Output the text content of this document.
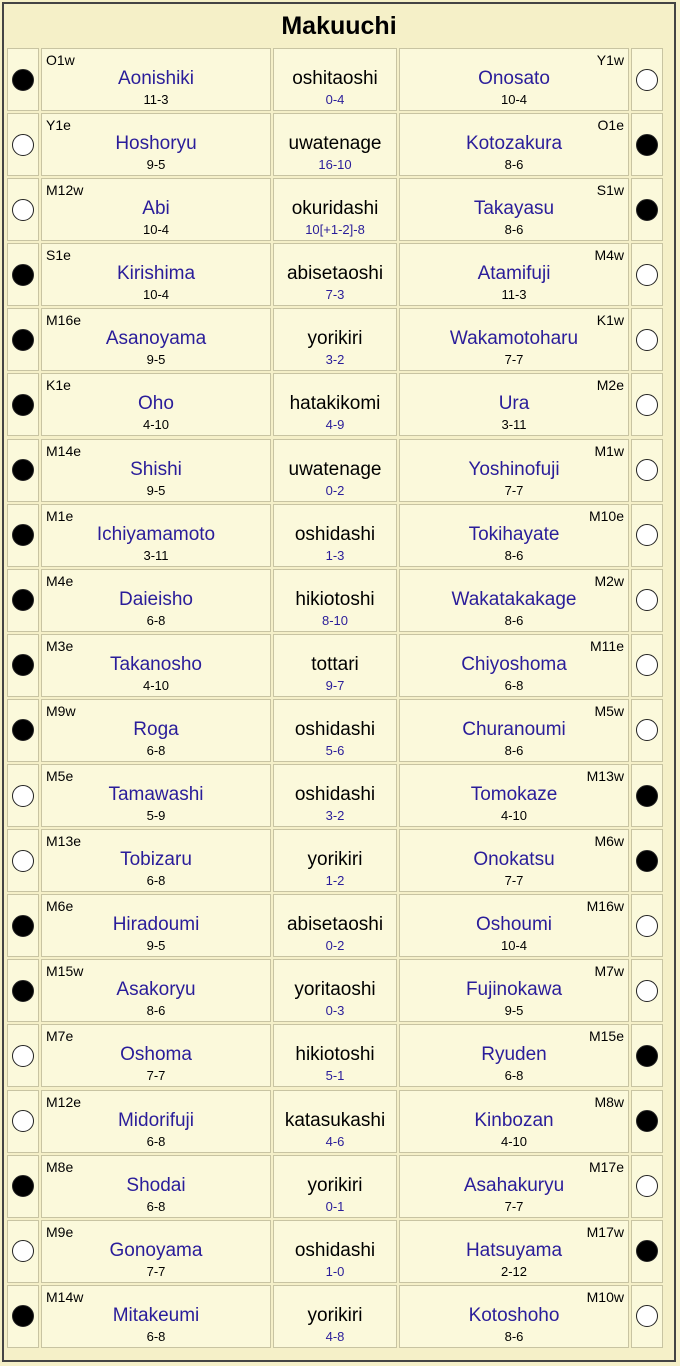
Makuuchi
O1w
Aonishiki
11-3
oshitaoshi
0-4
Y1w
Onosato
10-4
Y1e
Hoshoryu
9-5
uwatenage
16-10
O1e
Kotozakura
8-6
M12w
Abi
10-4
okuridashi
10[+1-2]-8
S1w
Takayasu
8-6
S1e
Kirishima
10-4
abisetaoshi
7-3
M4w
Atamifuji
11-3
M16e
Asanoyama
9-5
yorikiri
3-2
K1w
Wakamotoharu
7-7
K1e
Oho
4-10
hatakikomi
4-9
M2e
Ura
3-11
M14e
Shishi
9-5
uwatenage
0-2
M1w
Yoshinofuji
7-7
M1e
Ichiyamamoto
3-11
oshidashi
1-3
M10e
Tokihayate
8-6
M4e
Daieisho
6-8
hikiotoshi
8-10
M2w
Wakatakakage
8-6
M3e
Takanosho
4-10
tottari
9-7
M11e
Chiyoshoma
6-8
M9w
Roga
6-8
oshidashi
5-6
M5w
Churanoumi
8-6
M5e
Tamawashi
5-9
oshidashi
3-2
M13w
Tomokaze
4-10
M13e
Tobizaru
6-8
yorikiri
1-2
M6w
Onokatsu
7-7
M6e
Hiradoumi
9-5
abisetaoshi
0-2
M16w
Oshoumi
10-4
M15w
Asakoryu
8-6
yoritaoshi
0-3
M7w
Fujinokawa
9-5
M7e
Oshoma
7-7
hikiotoshi
5-1
M15e
Ryuden
6-8
M12e
Midorifuji
6-8
katasukashi
4-6
M8w
Kinbozan
4-10
M8e
Shodai
6-8
yorikiri
0-1
M17e
Asahakuryu
7-7
M9e
Gonoyama
7-7
oshidashi
1-0
M17w
Hatsuyama
2-12
M14w
Mitakeumi
6-8
yorikiri
4-8
M10w
Kotoshoho
8-6
